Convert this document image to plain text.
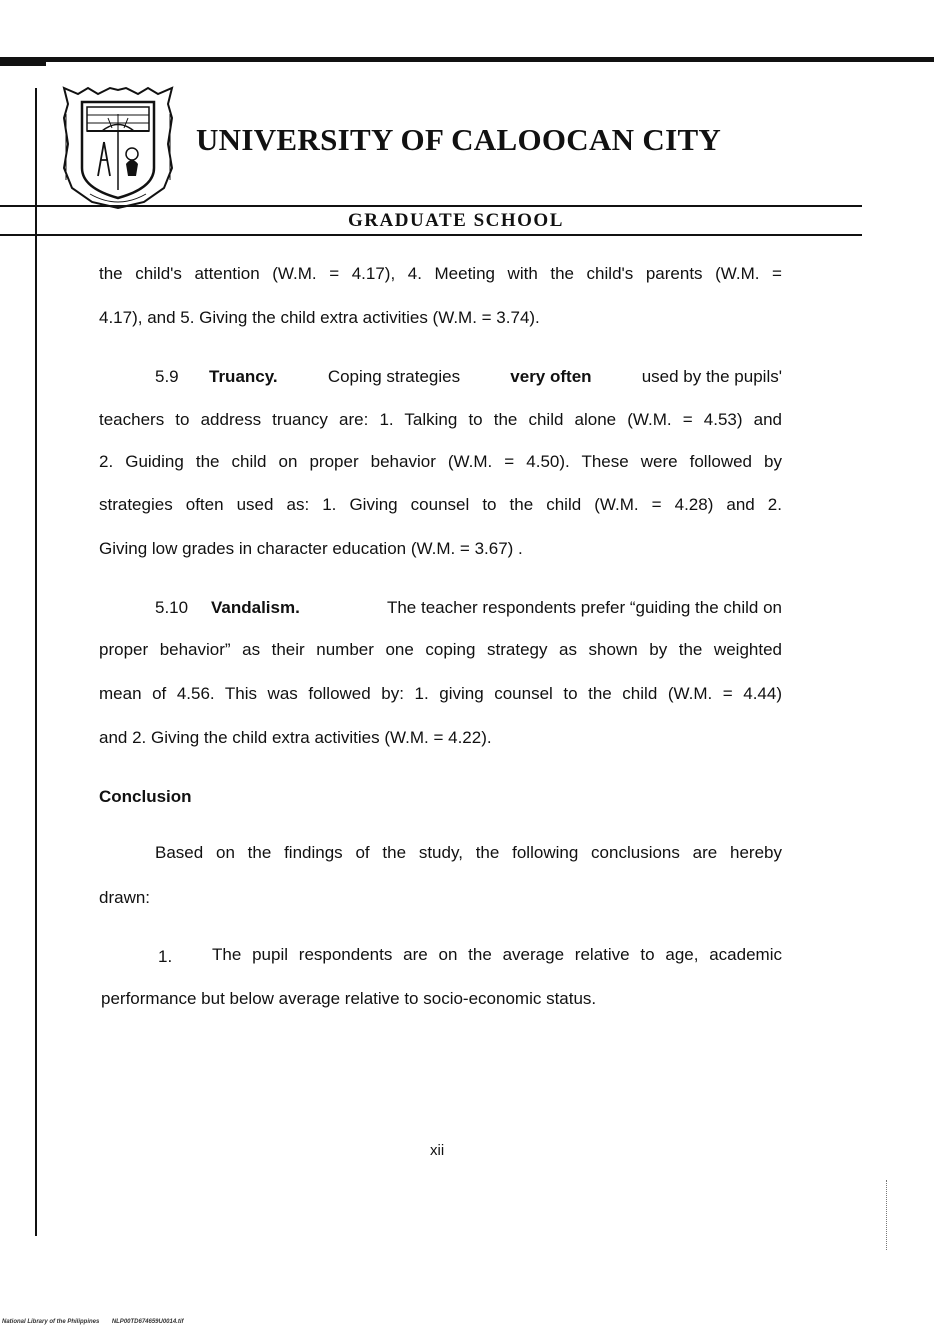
UNIVERSITY OF CALOOCAN CITY
GRADUATE SCHOOL
the child's attention (W.M. = 4.17), 4. Meeting with the child's parents (W.M. =
4.17), and 5. Giving the child extra activities (W.M. = 3.74).
5.9 Truancy.	Coping strategies	very often	used by the pupils'
teachers to address truancy are: 1. Talking to the child alone (W.M. = 4.53) and
2. Guiding the child on proper behavior (W.M. = 4.50). These were followed by
strategies often used as: 1. Giving counsel to the child (W.M. = 4.28) and 2.
Giving low grades in character education (W.M. = 3.67) .
5.10 Vandalism.	The teacher respondents prefer “guiding the child on
proper behavior” as their number one coping strategy as shown by the weighted
mean of 4.56. This was followed by: 1. giving counsel to the child (W.M. = 4.44)
and 2. Giving the child extra activities (W.M. = 4.22).
Conclusion
Based on the findings of the study, the following conclusions are hereby
drawn:
1. The pupil respondents are on the average relative to age, academic
performance but below average relative to socio-economic status.
xii
National Library of the Philippines NLP00TD674659U0014.tif
